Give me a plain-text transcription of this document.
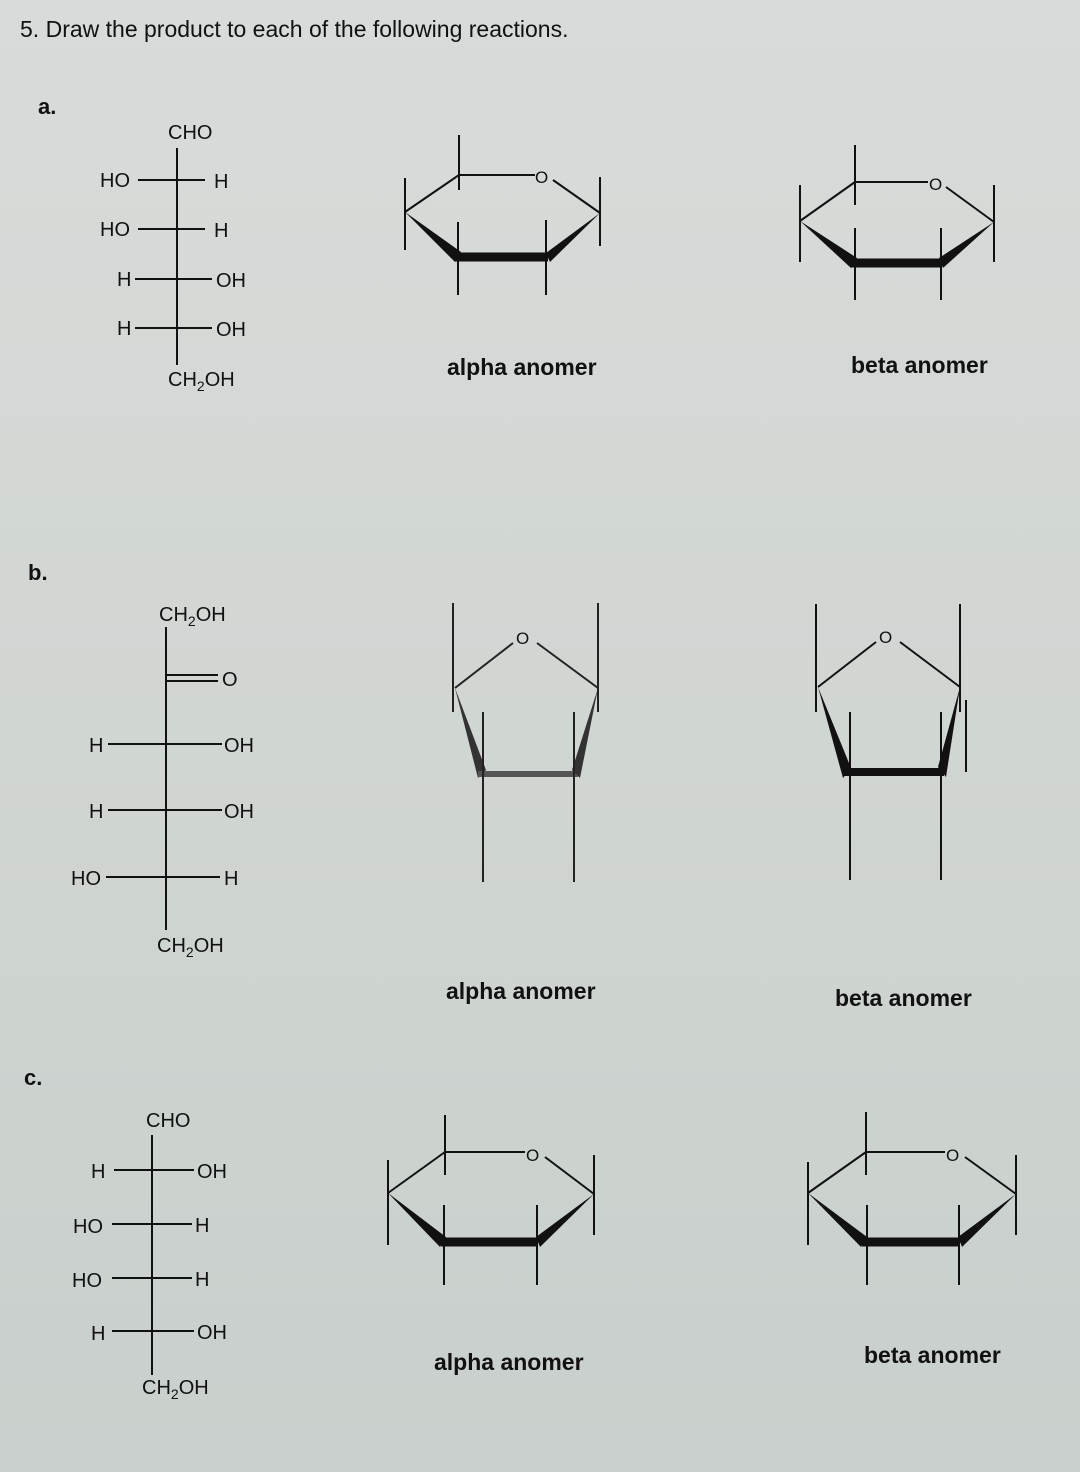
5. Draw the product to each of the following reactions.
a.
b.
c.
alpha anomer	beta anomer
alpha anomer	beta anomer
alpha anomer	beta anomer
CHO
HO	H
HO	H
H	OH
H	OH
$CH_2OH$
O	O
$CH_2OH$
O
H	OH
H	OH
HO	H
$CH_2OH$
O	O
CHO
H	OH
HO	H
HO	H
H	OH
$CH_2OH$
O	O
